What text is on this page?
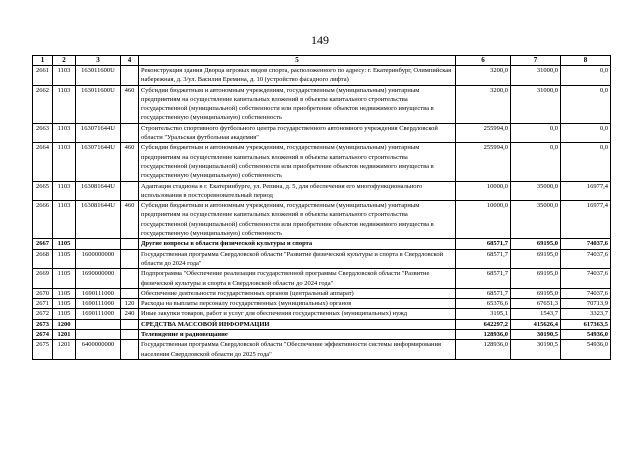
149
1	2	3	4	5	6	7	8
2661	1103	163011600U		Реконструкция здания Дворца игровых видов спорта, расположенного по адресу: г. Екатеринбург, Олимпийская набережная, д. 3/ул. Василия Еремина, д. 10 (устройство фасадного лифта)	3200,0	31000,0	0,0
2662	1103	163011600U	460	Субсидии бюджетным и автономным учреждениям, государственным (муниципальным) унитарным предприятиям на осуществление капитальных вложений в объекты капитального строительства государственной (муниципальной) собственности или приобретение объектов недвижимого имущества в государственную (муниципальную) собственность	3200,0	31000,0	0,0
2663	1103	163071644U		Строительство спортивного футбольного центра государственного автономного учреждения Свердловской области "Уральская футбольная академия"	255994,0	0,0	0,0
2664	1103	163071644U	460	Субсидии бюджетным и автономным учреждениям, государственным (муниципальным) унитарным предприятиям на осуществление капитальных вложений в объекты капитального строительства государственной (муниципальной) собственности или приобретение объектов недвижимого имущества в государственную (муниципальную) собственность	255994,0	0,0	0,0
2665	1103	163081644U		Адаптация стадиона в г. Екатеринбурге, ул. Репина, д. 5, для обеспечения его многофункционального использования в постсоревновательный период	10000,0	35000,0	16977,4
2666	1103	163081644U	460	Субсидии бюджетным и автономным учреждениям, государственным (муниципальным) унитарным предприятиям на осуществление капитальных вложений в объекты капитального строительства государственной (муниципальной) собственности или приобретение объектов недвижимого имущества в государственную (муниципальную) собственность	10000,0	35000,0	16977,4
2667	1105			Другие вопросы в области физической культуры и спорта	68571,7	69195,0	74037,6
2668	1105	1600000000		Государственная программа Свердловской области "Развитие физической культуры и спорта в Свердловской области до 2024 года"	68571,7	69195,0	74037,6
2669	1105	1690000000		Подпрограмма "Обеспечение реализации государственной программы Свердловской области "Развитие физической культуры и спорта в Свердловской области до 2024 года"	68571,7	69195,0	74037,6
2670	1105	1690111000		Обеспечение деятельности государственных органов (центральный аппарат)	68571,7	69195,0	74037,6
2671	1105	1690111000	120	Расходы на выплаты персоналу государственных (муниципальных) органов	65376,6	67651,3	70713,9
2672	1105	1690111000	240	Иные закупки товаров, работ и услуг для обеспечения государственных (муниципальных) нужд	3195,1	1543,7	3323,7
2673	1200			СРЕДСТВА МАССОВОЙ ИНФОРМАЦИИ	642297,2	415626,4	617363,5
2674	1201			Телевидение и радиовещание	128936,0	30190,5	54936,0
2675	1201	6400000000		Государственная программа Свердловской области "Обеспечение эффективности системы информирования населения Свердловской области до 2025 года"	128936,0	30190,5	54936,0
